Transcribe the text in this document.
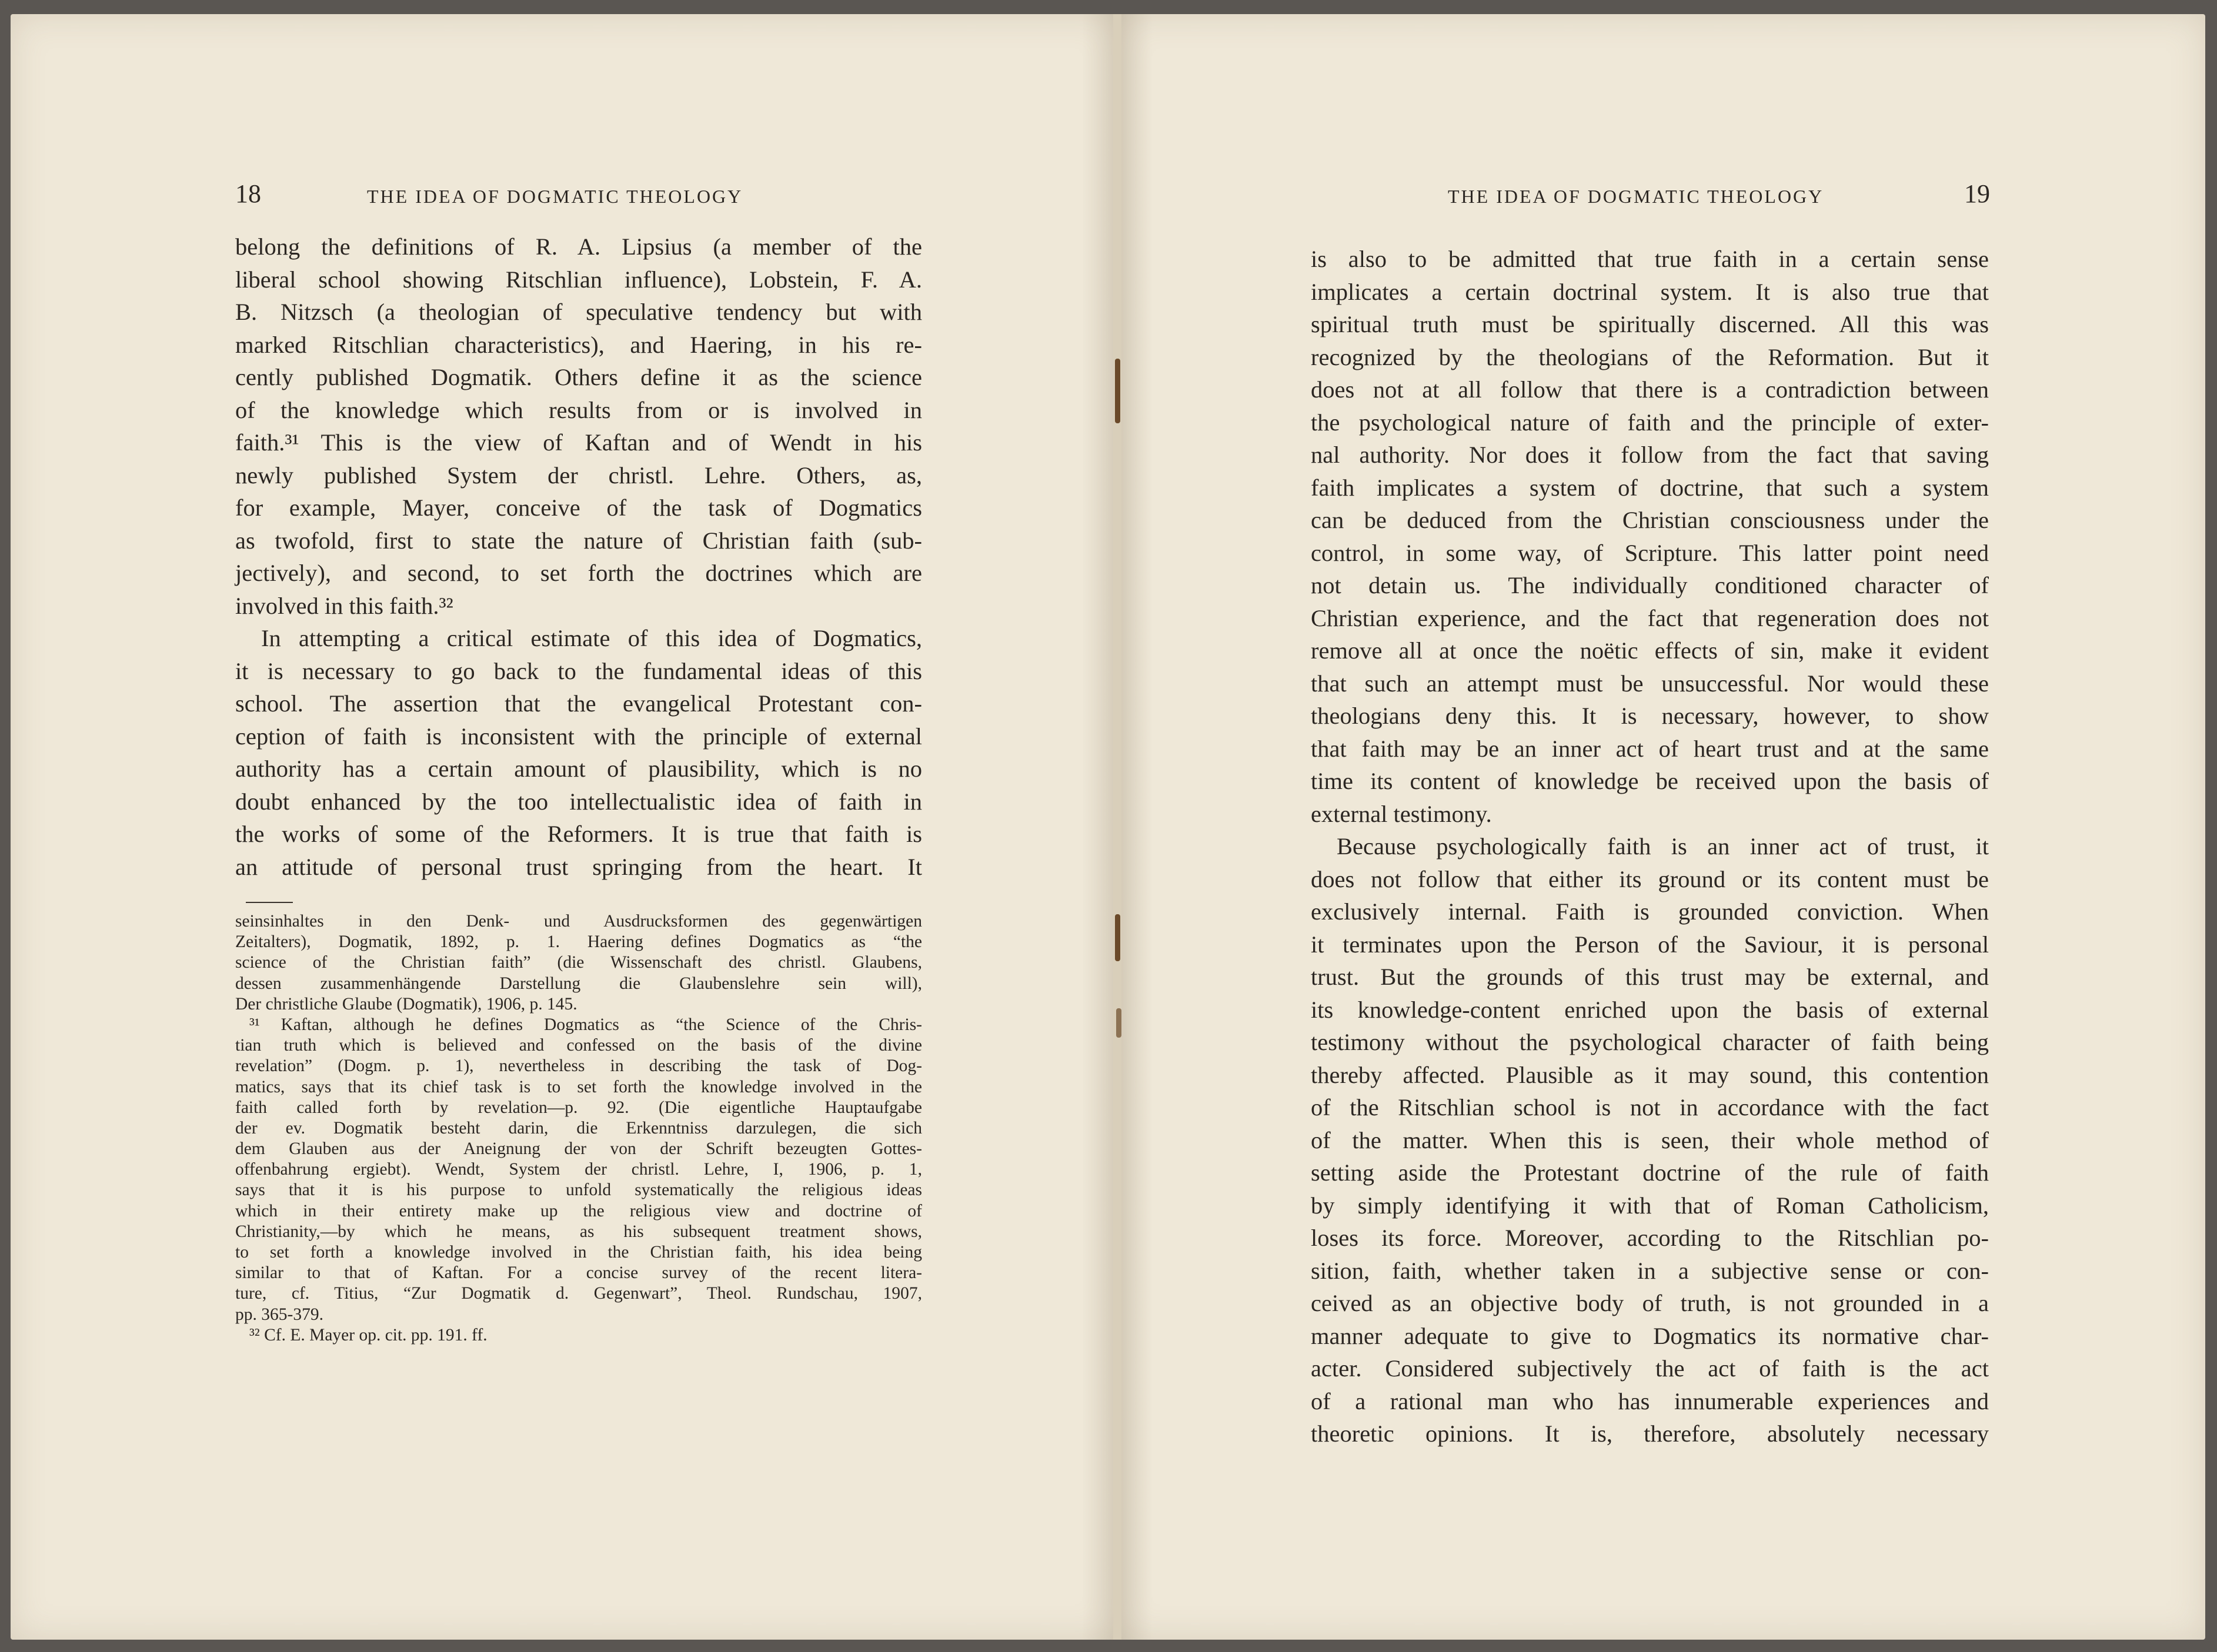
18	THE IDEA OF DOGMATIC THEOLOGY
belong the definitions of R. A. Lipsius (a member of the
liberal school showing Ritschlian influence), Lobstein, F. A.
B. Nitzsch (a theologian of speculative tendency but with
marked Ritschlian characteristics), and Haering, in his re-
cently published Dogmatik. Others define it as the science
of the knowledge which results from or is involved in
faith.³¹ This is the view of Kaftan and of Wendt in his
newly published System der christl. Lehre. Others, as,
for example, Mayer, conceive of the task of Dogmatics
as twofold, first to state the nature of Christian faith (sub-
jectively), and second, to set forth the doctrines which are
involved in this faith.³²
In attempting a critical estimate of this idea of Dogmatics,
it is necessary to go back to the fundamental ideas of this
school. The assertion that the evangelical Protestant con-
ception of faith is inconsistent with the principle of external
authority has a certain amount of plausibility, which is no
doubt enhanced by the too intellectualistic idea of faith in
the works of some of the Reformers. It is true that faith is
an attitude of personal trust springing from the heart. It
seinsinhaltes in den Denk- und Ausdrucksformen des gegenwärtigen
Zeitalters), Dogmatik, 1892, p. 1. Haering defines Dogmatics as “the
science of the Christian faith” (die Wissenschaft des christl. Glaubens,
dessen zusammenhängende Darstellung die Glaubenslehre sein will),
Der christliche Glaube (Dogmatik), 1906, p. 145.
³¹ Kaftan, although he defines Dogmatics as “the Science of the Chris-
tian truth which is believed and confessed on the basis of the divine
revelation” (Dogm. p. 1), nevertheless in describing the task of Dog-
matics, says that its chief task is to set forth the knowledge involved in the
faith called forth by revelation—p. 92. (Die eigentliche Hauptaufgabe
der ev. Dogmatik besteht darin, die Erkenntniss darzulegen, die sich
dem Glauben aus der Aneignung der von der Schrift bezeugten Gottes-
offenbahrung ergiebt). Wendt, System der christl. Lehre, I, 1906, p. 1,
says that it is his purpose to unfold systematically the religious ideas
which in their entirety make up the religious view and doctrine of
Christianity,—by which he means, as his subsequent treatment shows,
to set forth a knowledge involved in the Christian faith, his idea being
similar to that of Kaftan. For a concise survey of the recent litera-
ture, cf. Titius, “Zur Dogmatik d. Gegenwart”, Theol. Rundschau, 1907,
pp. 365-379.
³² Cf. E. Mayer op. cit. pp. 191. ff.
THE IDEA OF DOGMATIC THEOLOGY	19
is also to be admitted that true faith in a certain sense
implicates a certain doctrinal system. It is also true that
spiritual truth must be spiritually discerned. All this was
recognized by the theologians of the Reformation. But it
does not at all follow that there is a contradiction between
the psychological nature of faith and the principle of exter-
nal authority. Nor does it follow from the fact that saving
faith implicates a system of doctrine, that such a system
can be deduced from the Christian consciousness under the
control, in some way, of Scripture. This latter point need
not detain us. The individually conditioned character of
Christian experience, and the fact that regeneration does not
remove all at once the noëtic effects of sin, make it evident
that such an attempt must be unsuccessful. Nor would these
theologians deny this. It is necessary, however, to show
that faith may be an inner act of heart trust and at the same
time its content of knowledge be received upon the basis of
external testimony.
Because psychologically faith is an inner act of trust, it
does not follow that either its ground or its content must be
exclusively internal. Faith is grounded conviction. When
it terminates upon the Person of the Saviour, it is personal
trust. But the grounds of this trust may be external, and
its knowledge-content enriched upon the basis of external
testimony without the psychological character of faith being
thereby affected. Plausible as it may sound, this contention
of the Ritschlian school is not in accordance with the fact
of the matter. When this is seen, their whole method of
setting aside the Protestant doctrine of the rule of faith
by simply identifying it with that of Roman Catholicism,
loses its force. Moreover, according to the Ritschlian po-
sition, faith, whether taken in a subjective sense or con-
ceived as an objective body of truth, is not grounded in a
manner adequate to give to Dogmatics its normative char-
acter. Considered subjectively the act of faith is the act
of a rational man who has innumerable experiences and
theoretic opinions. It is, therefore, absolutely necessary
